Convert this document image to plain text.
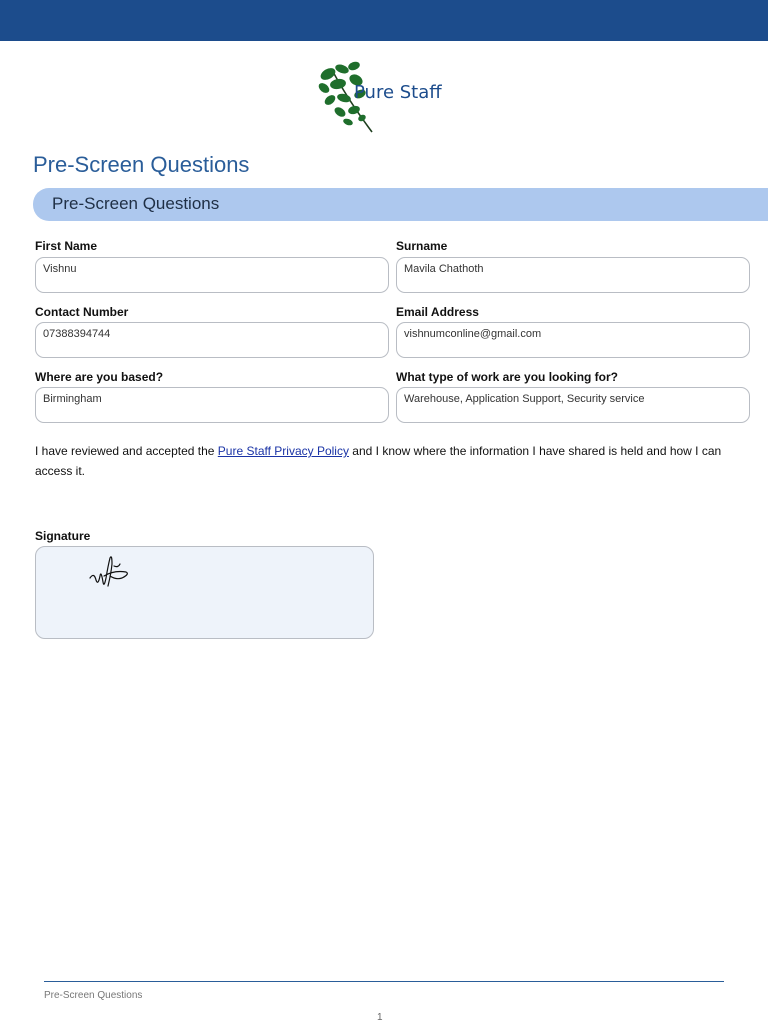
Pure Staff
Pre-Screen Questions
Pre-Screen Questions
First Name
Vishnu
Surname
Mavila Chathoth
Contact Number
07388394744
Email Address
vishnumconline@gmail.com
Where are you based?
Birmingham
What type of work are you looking for?
Warehouse, Application Support, Security service
I have reviewed and accepted the Pure Staff Privacy Policy and I know where the information I have shared is held and how I can access it.
Signature
Pre-Screen Questions
1
